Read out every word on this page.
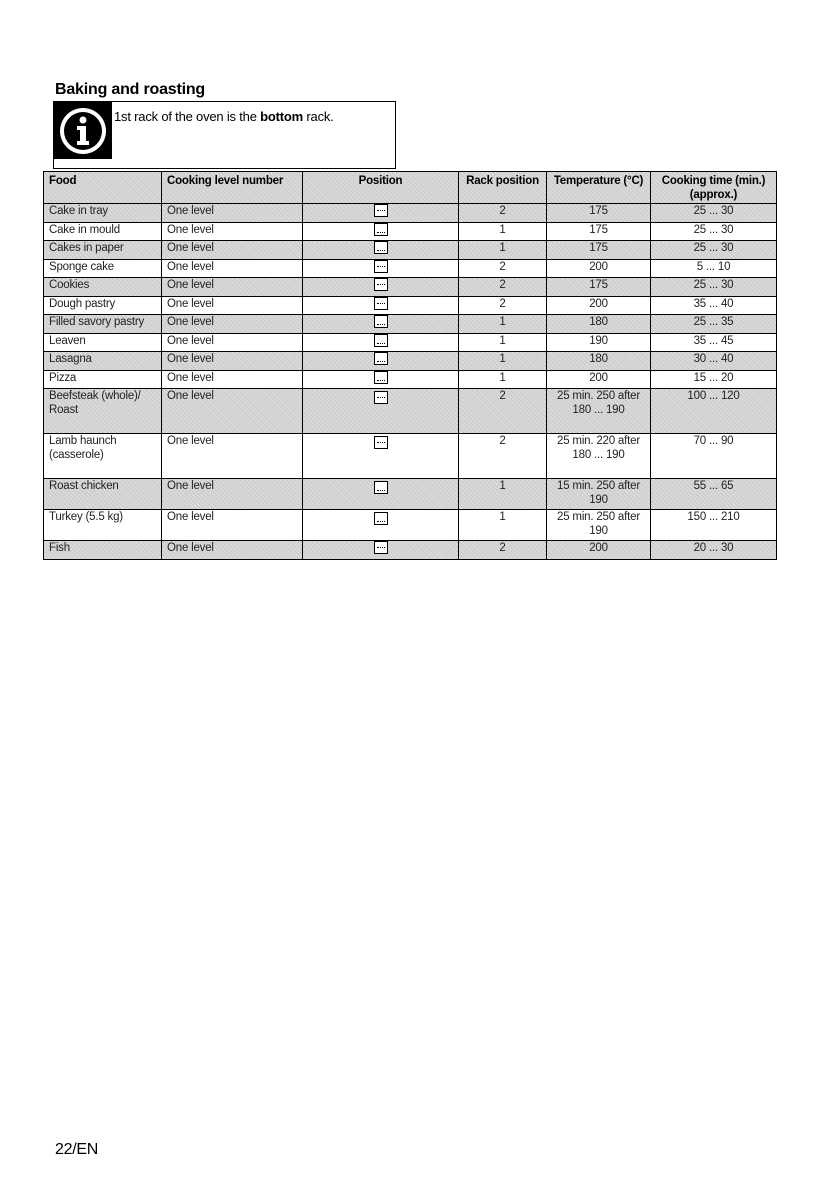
Baking and roasting
1st rack of the oven is the bottom rack.
Food	Cooking level number	Position	Rack position	Temperature (°C)	Cooking time (min.) (approx.)
Cake in tray	One level		2	175	25 ... 30
Cake in mould	One level		1	175	25 ... 30
Cakes in paper	One level		1	175	25 ... 30
Sponge cake	One level		2	200	5 ... 10
Cookies	One level		2	175	25 ... 30
Dough pastry	One level		2	200	35 ... 40
Filled savory pastry	One level		1	180	25 ... 35
Leaven	One level		1	190	35 ... 45
Lasagna	One level		1	180	30 ... 40
Pizza	One level		1	200	15 ... 20
Beefsteak (whole)/ Roast	One level		2	25 min. 250 after 180 ... 190	100 ... 120
Lamb haunch (casserole)	One level		2	25 min. 220 after 180 ... 190	70 ... 90
Roast chicken	One level		1	15 min. 250 after 190	55 ... 65
Turkey (5.5 kg)	One level		1	25 min. 250 after 190	150 ... 210
Fish	One level		2	200	20 ... 30
22/EN
